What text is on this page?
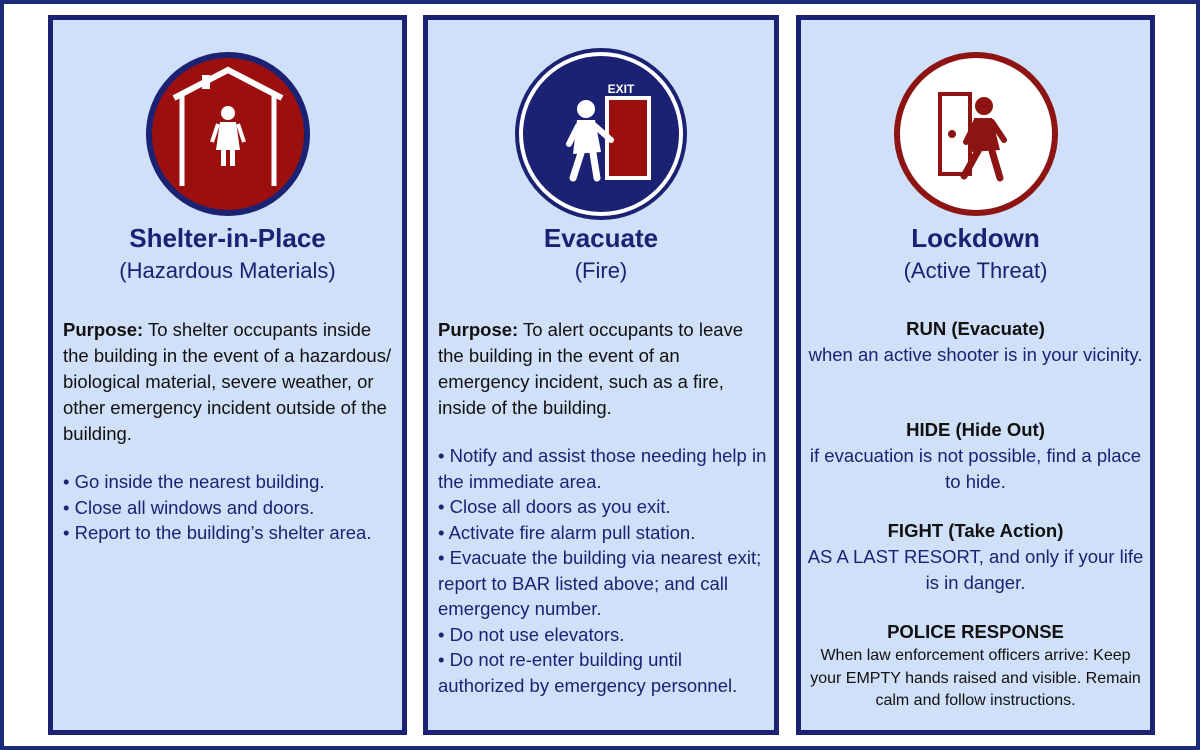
Shelter-in-Place
(Hazardous Materials)
Purpose: To shelter occupants inside the building in the event of a hazardous/ biological material, severe weather, or other emergency incident outside of the building.
• Go inside the nearest building.
• Close all windows and doors.
• Report to the building’s shelter area.
EXIT
Evacuate
(Fire)
Purpose: To alert occupants to leave the building in the event of an emergency incident, such as a fire, inside of the building.
• Notify and assist those needing help in the immediate area.
• Close all doors as you exit.
• Activate fire alarm pull station.
• Evacuate the building via nearest exit; report to BAR listed above; and call emergency number.
• Do not use elevators.
• Do not re-enter building until authorized by emergency personnel.
Lockdown
(Active Threat)
RUN (Evacuate)
when an active shooter is in your vicinity.
HIDE (Hide Out)
if evacuation is not possible, find a place to hide.
FIGHT (Take Action)
AS A LAST RESORT, and only if your life is in danger.
POLICE RESPONSE
When law enforcement officers arrive: Keep your EMPTY hands raised and visible. Remain calm and follow instructions.
